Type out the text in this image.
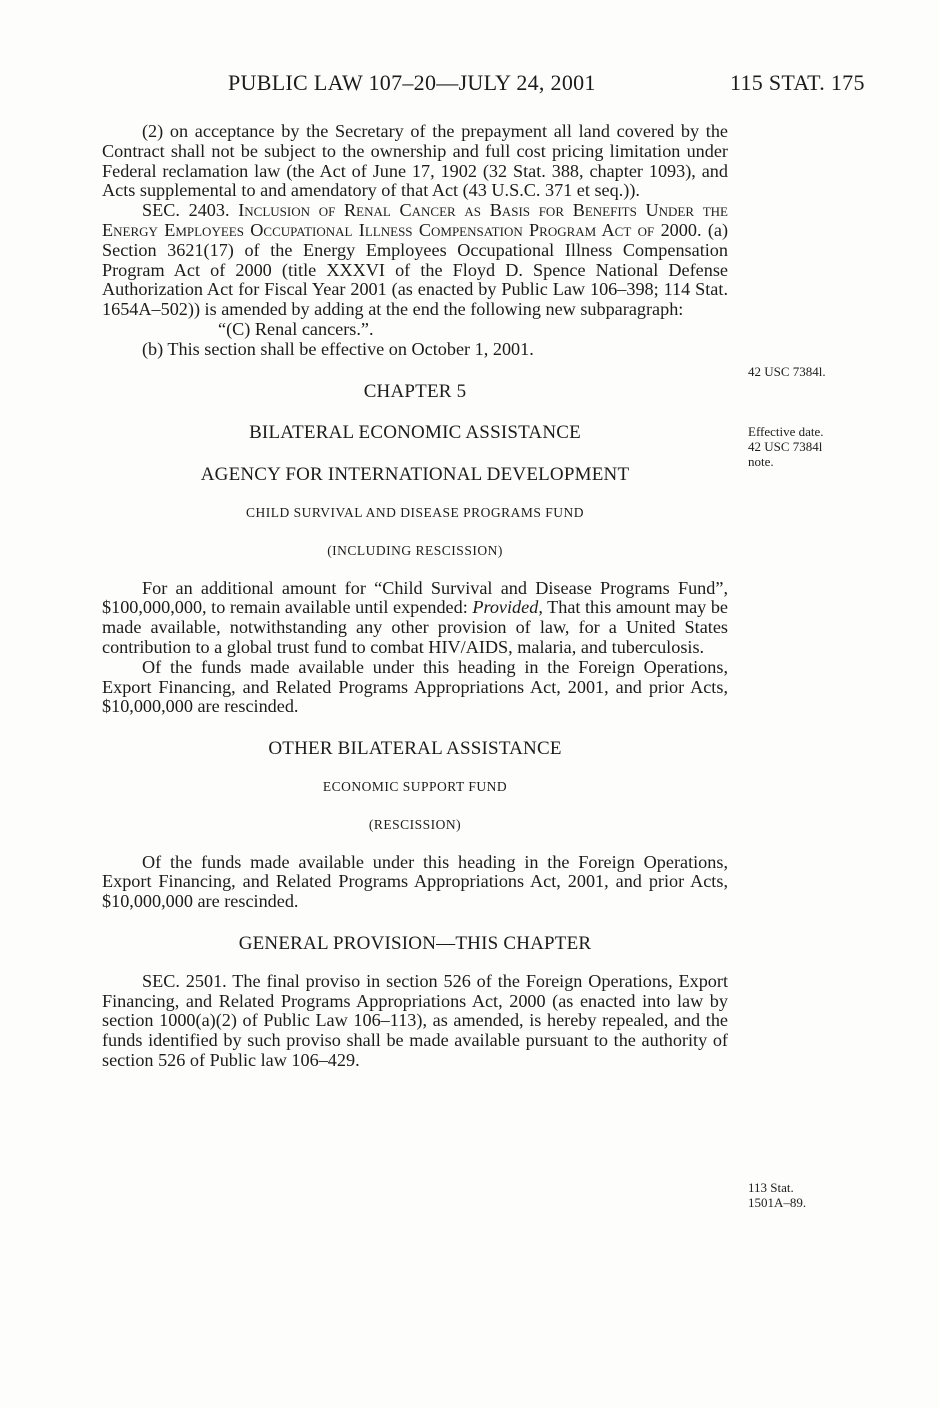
PUBLIC LAW 107–20—JULY 24, 2001	115 STAT. 175

(2) on acceptance by the Secretary of the prepayment all land covered by the Contract shall not be subject to the ownership and full cost pricing limitation under Federal reclamation law (the Act of June 17, 1902 (32 Stat. 388, chapter 1093), and Acts supplemental to and amendatory of that Act (43 U.S.C. 371 et seq.)).

SEC. 2403. Inclusion of Renal Cancer as Basis for Benefits Under the Energy Employees Occupational Illness Compensation Program Act of 2000. (a) Section 3621(17) of the Energy Employees Occupational Illness Compensation Program Act of 2000 (title XXXVI of the Floyd D. Spence National Defense Authorization Act for Fiscal Year 2001 (as enacted by Public Law 106–398; 114 Stat. 1654A–502)) is amended by adding at the end the following new subparagraph:

“(C) Renal cancers.”.

(b) This section shall be effective on October 1, 2001.

CHAPTER 5

BILATERAL ECONOMIC ASSISTANCE

AGENCY FOR INTERNATIONAL DEVELOPMENT

CHILD SURVIVAL AND DISEASE PROGRAMS FUND

(INCLUDING RESCISSION)

For an additional amount for “Child Survival and Disease Programs Fund”, $100,000,000, to remain available until expended: Provided, That this amount may be made available, notwithstanding any other provision of law, for a United States contribution to a global trust fund to combat HIV/AIDS, malaria, and tuberculosis.

Of the funds made available under this heading in the Foreign Operations, Export Financing, and Related Programs Appropriations Act, 2001, and prior Acts, $10,000,000 are rescinded.

OTHER BILATERAL ASSISTANCE

ECONOMIC SUPPORT FUND

(RESCISSION)

Of the funds made available under this heading in the Foreign Operations, Export Financing, and Related Programs Appropriations Act, 2001, and prior Acts, $10,000,000 are rescinded.

GENERAL PROVISION—THIS CHAPTER

SEC. 2501. The final proviso in section 526 of the Foreign Operations, Export Financing, and Related Programs Appropriations Act, 2000 (as enacted into law by section 1000(a)(2) of Public Law 106–113), as amended, is hereby repealed, and the funds identified by such proviso shall be made available pursuant to the authority of section 526 of Public law 106–429.

42 USC 7384l.
Effective date.
42 USC 7384l
note.
113 Stat.
1501A–89.
